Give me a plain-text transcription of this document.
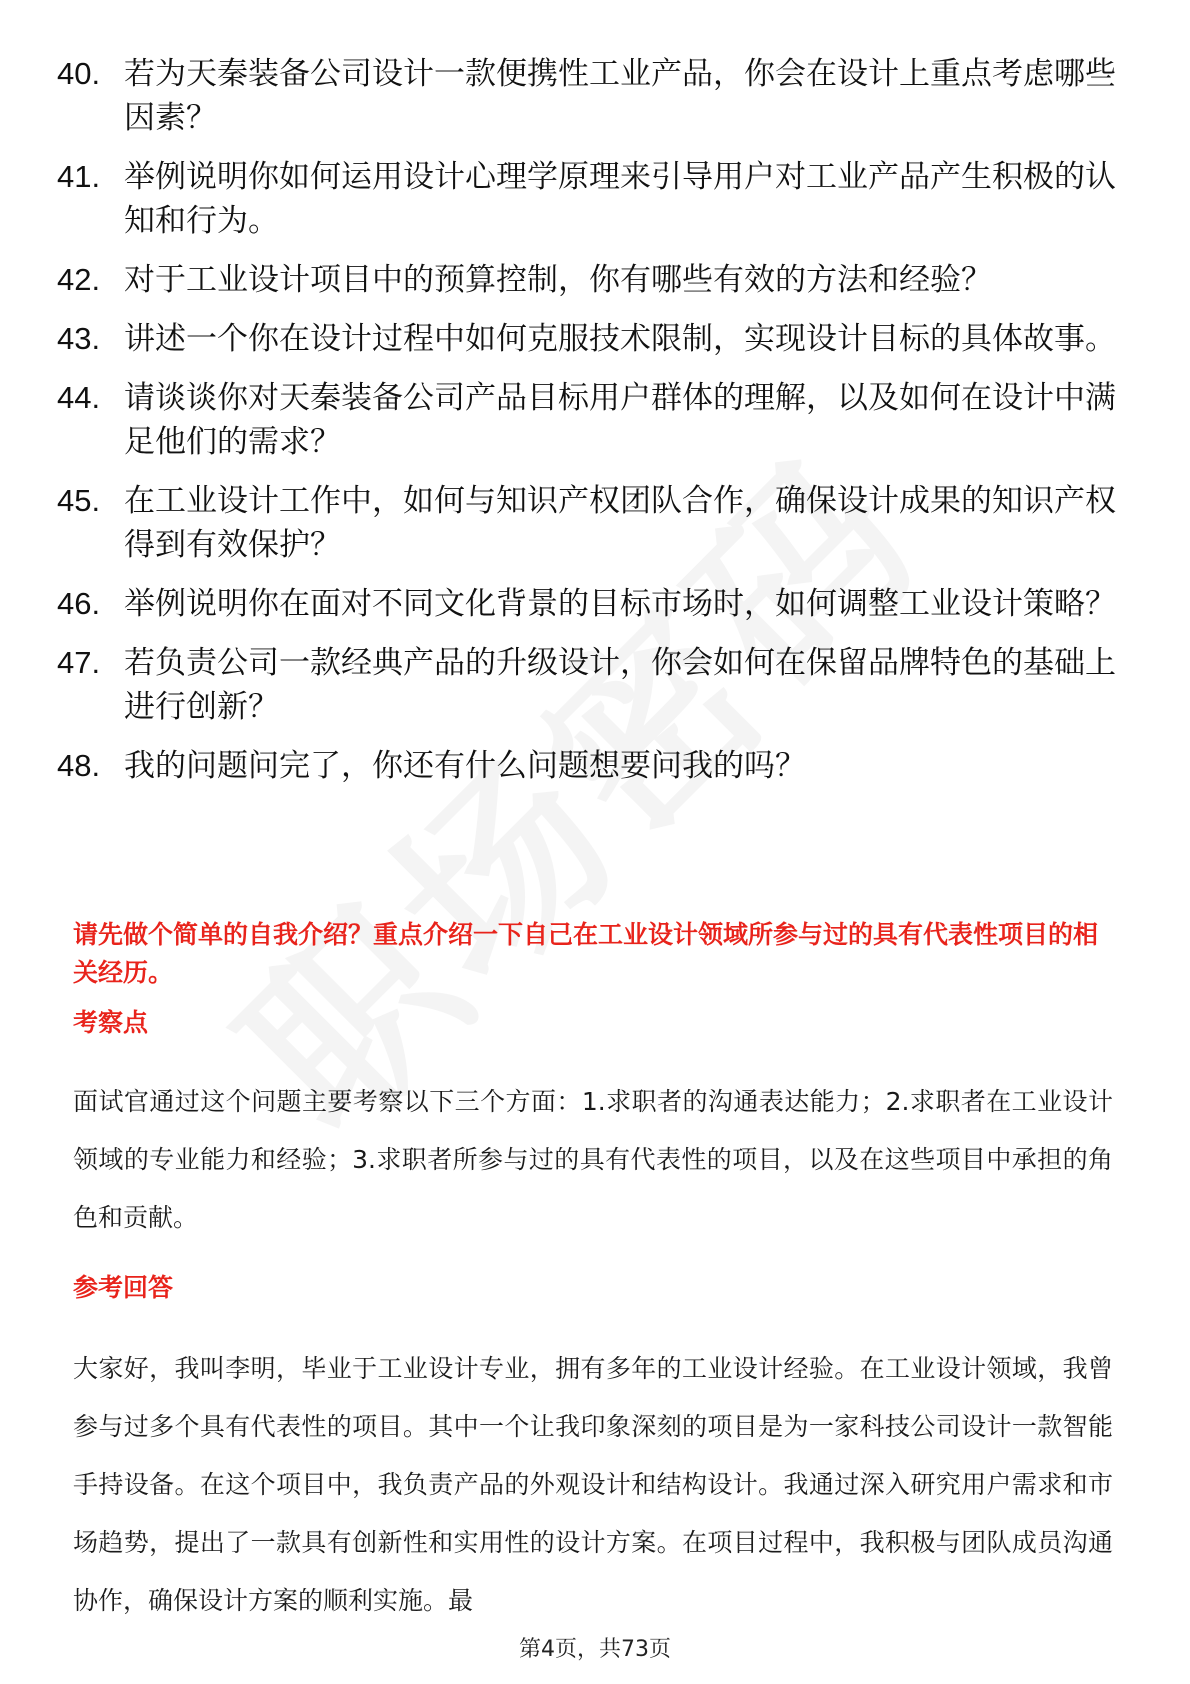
40. 若为天秦装备公司设计一款便携性工业产品，你会在设计上重点考虑哪些因素？
41. 举例说明你如何运用设计心理学原理来引导用户对工业产品产生积极的认知和行为。
42. 对于工业设计项目中的预算控制，你有哪些有效的方法和经验？
43. 讲述一个你在设计过程中如何克服技术限制，实现设计目标的具体故事。
44. 请谈谈你对天秦装备公司产品目标用户群体的理解，以及如何在设计中满足他们的需求？
45. 在工业设计工作中，如何与知识产权团队合作，确保设计成果的知识产权得到有效保护？
46. 举例说明你在面对不同文化背景的目标市场时，如何调整工业设计策略？
47. 若负责公司一款经典产品的升级设计，你会如何在保留品牌特色的基础上进行创新？
48. 我的问题问完了，你还有什么问题想要问我的吗？
请先做个简单的自我介绍？重点介绍一下自己在工业设计领域所参与过的具有代表性项目的相关经历。
考察点
面试官通过这个问题主要考察以下三个方面：1.求职者的沟通表达能力；2.求职者在工业设计领域的专业能力和经验；3.求职者所参与过的具有代表性的项目，以及在这些项目中承担的角色和贡献。
参考回答
大家好，我叫李明，毕业于工业设计专业，拥有多年的工业设计经验。在工业设计领域，我曾参与过多个具有代表性的项目。其中一个让我印象深刻的项目是为一家科技公司设计一款智能手持设备。在这个项目中，我负责产品的外观设计和结构设计。我通过深入研究用户需求和市场趋势，提出了一款具有创新性和实用性的设计方案。在项目过程中，我积极与团队成员沟通协作，确保设计方案的顺利实施。最
第4页，共73页
